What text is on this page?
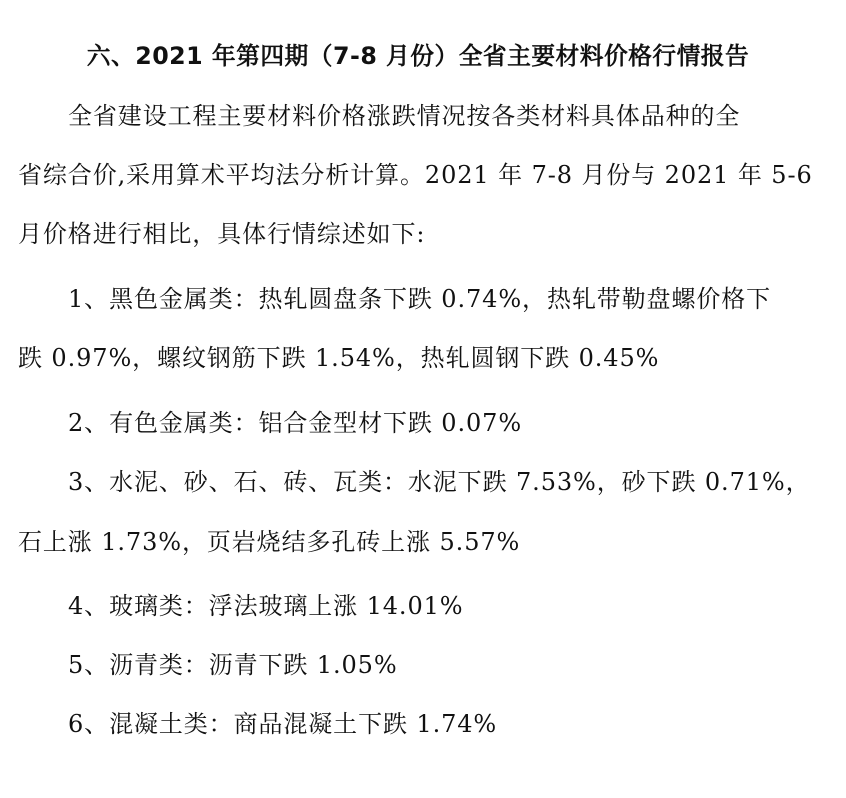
六、2021 年第四期（7-8 月份）全省主要材料价格行情报告
全省建设工程主要材料价格涨跌情况按各类材料具体品种的全
省综合价,采用算术平均法分析计算。2021 年 7-8 月份与 2021 年 5-6
月价格进行相比，具体行情综述如下:
1、黑色金属类：热轧圆盘条下跌 0.74%，热轧带勒盘螺价格下
跌 0.97%，螺纹钢筋下跌 1.54%，热轧圆钢下跌 0.45%
2、有色金属类：铝合金型材下跌 0.07%
3、水泥、砂、石、砖、瓦类：水泥下跌 7.53%，砂下跌 0.71%，
石上涨 1.73%，页岩烧结多孔砖上涨 5.57%
4、玻璃类：浮法玻璃上涨 14.01%
5、沥青类：沥青下跌 1.05%
6、混凝土类：商品混凝土下跌 1.74%
